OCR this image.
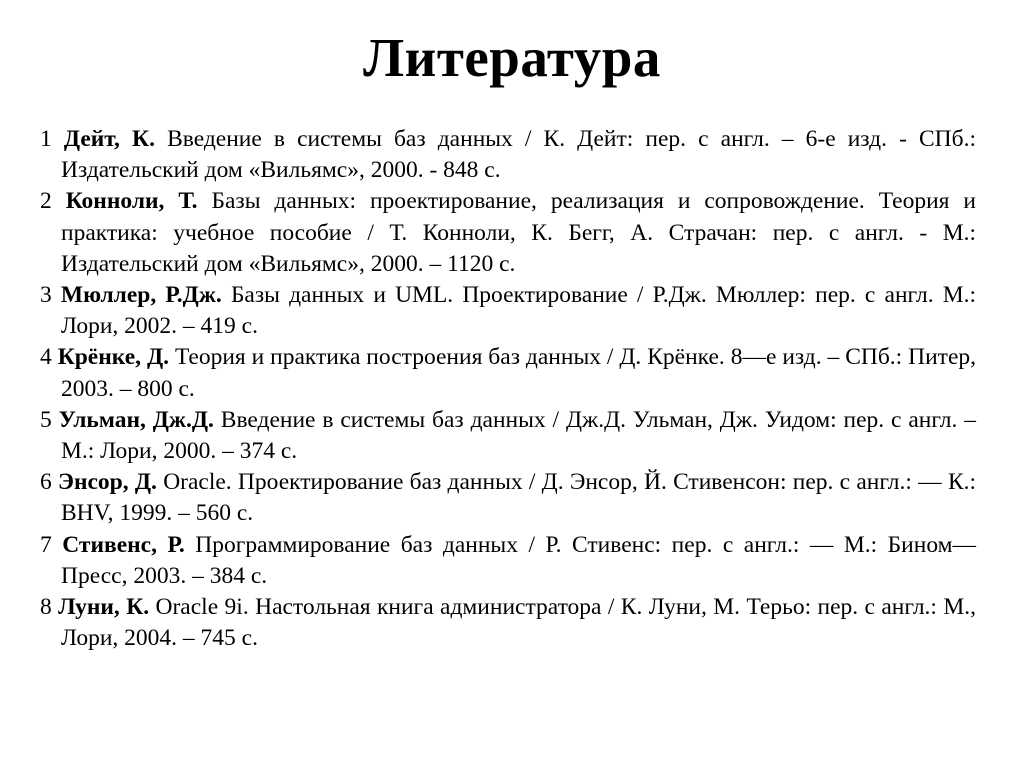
Литература
1 Дейт, К. Введение в системы баз данных / К. Дейт: пер. с англ. – 6-е изд. - СПб.: Издательский дом «Вильямс», 2000. - 848 с.
2 Конноли, Т. Базы данных: проектирование, реализация и сопровождение. Теория и практика: учебное пособие / Т. Конноли, К. Бегг, А. Страчан: пер. с англ. - М.: Издательский дом «Вильямс», 2000. – 1120 с.
3 Мюллер, Р.Дж. Базы данных и UML. Проектирование / Р.Дж. Мюллер: пер. с англ. М.: Лори, 2002. – 419 с.
4 Крёнке, Д. Теория и практика построения баз данных / Д. Крёнке. 8—е изд. – СПб.: Питер, 2003. – 800 с.
5 Ульман, Дж.Д. Введение в системы баз данных / Дж.Д. Ульман, Дж. Уидом: пер. с англ. – М.: Лори, 2000. – 374 с.
6 Энсор, Д. Oracle. Проектирование баз данных / Д. Энсор, Й. Стивенсон: пер. с англ.: — К.: BHV, 1999. – 560 с.
7 Стивенс, Р. Программирование баз данных / Р. Стивенс: пер. с англ.: — М.: Бином—Пресс, 2003. – 384 с.
8 Луни, К. Oracle 9i. Настольная книга администратора / К. Луни, М. Терьо: пер. с англ.: М., Лори, 2004. – 745 с.
